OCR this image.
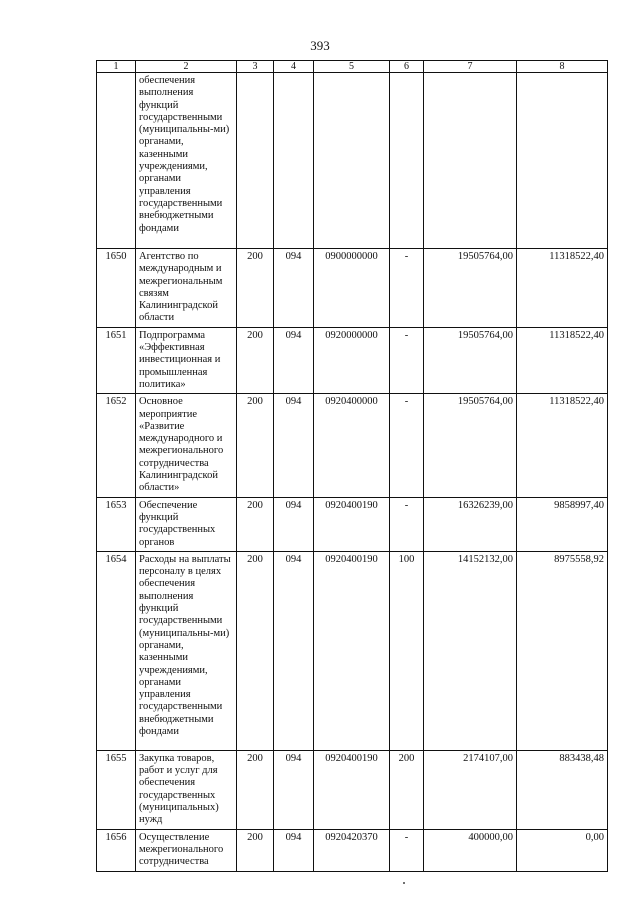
393
1	2	3	4	5	6	7	8
	обеспечения выполнения функций государственными (муниципальны-ми) органами, казенными учреждениями, органами управления государственными внебюджетными фондами						
1650	Агентство по международным и межрегиональным связям Калининградской области	200	094	0900000000	-	19505764,00	11318522,40
1651	Подпрограмма «Эффективная инвестиционная и промышленная политика»	200	094	0920000000	-	19505764,00	11318522,40
1652	Основное мероприятие «Развитие международного и межрегионального сотрудничества Калининградской области»	200	094	0920400000	-	19505764,00	11318522,40
1653	Обеспечение функций государственных органов	200	094	0920400190	-	16326239,00	9858997,40
1654	Расходы на выплаты персоналу в целях обеспечения выполнения функций государственными (муниципальны-ми) органами, казенными учреждениями, органами управления государственными внебюджетными фондами	200	094	0920400190	100	14152132,00	8975558,92
1655	Закупка товаров, работ и услуг для обеспечения государственных (муниципальных) нужд	200	094	0920400190	200	2174107,00	883438,48
1656	Осуществление межрегионального сотрудничества	200	094	0920420370	-	400000,00	0,00
